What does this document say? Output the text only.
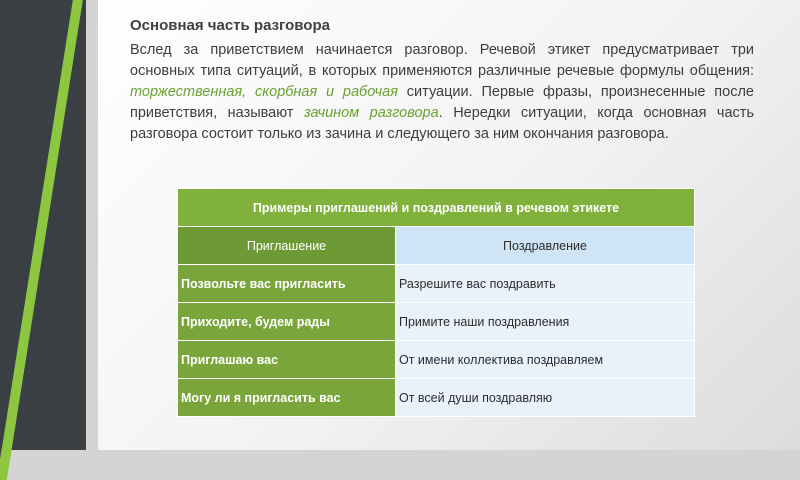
Основная часть разговора

Вслед за приветствием начинается разговор. Речевой этикет предусматривает три основных типа ситуаций, в которых применяются различные речевые формулы общения: торжественная, скорбная и рабочая ситуации. Первые фразы, произнесенные после приветствия, называют зачином разговора. Нередки ситуации, когда основная часть разговора состоит только из зачина и следующего за ним окончания разговора.

Примеры приглашений и поздравлений в речевом этикете	
Приглашение	Поздравление
Позвольте вас пригласить	Разрешите вас поздравить
Приходите, будем рады	Примите наши поздравления
Приглашаю вас	От имени коллектива поздравляем
Могу ли я пригласить вас	От всей души поздравляю
